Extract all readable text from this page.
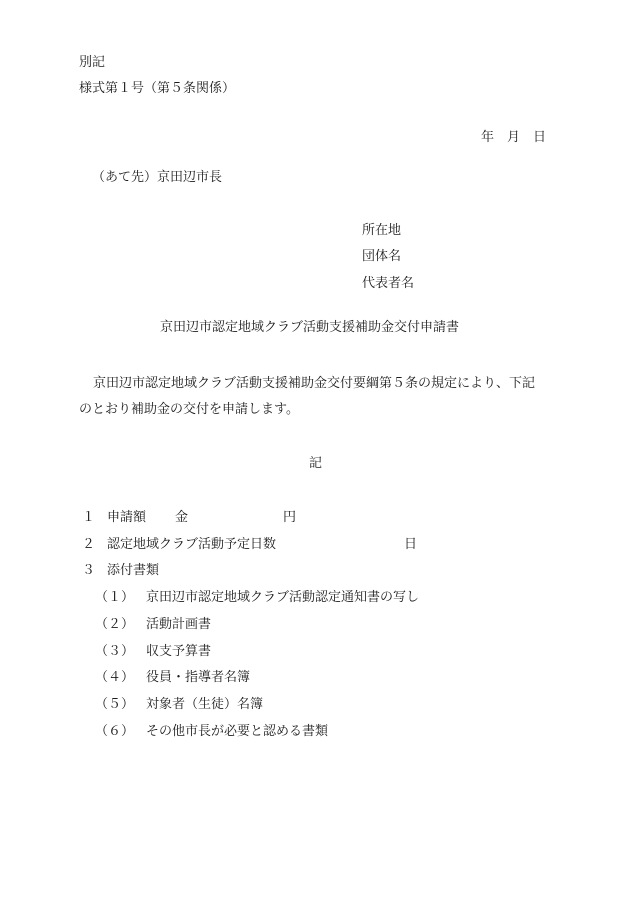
別記
様式第１号（第５条関係）
年　月　日
（あて先）京田辺市長
所在地
団体名
代表者名
京田辺市認定地域クラブ活動支援補助金交付申請書
京田辺市認定地域クラブ活動支援補助金交付要綱第５条の規定により、下記
のとおり補助金の交付を申請します。
記
１ 申請額 金	円
２ 認定地域クラブ活動予定日数	日
３ 添付書類
（１） 京田辺市認定地域クラブ活動認定通知書の写し
（２） 活動計画書
（３） 収支予算書
（４） 役員・指導者名簿
（５） 対象者（生徒）名簿
（６） その他市長が必要と認める書類
